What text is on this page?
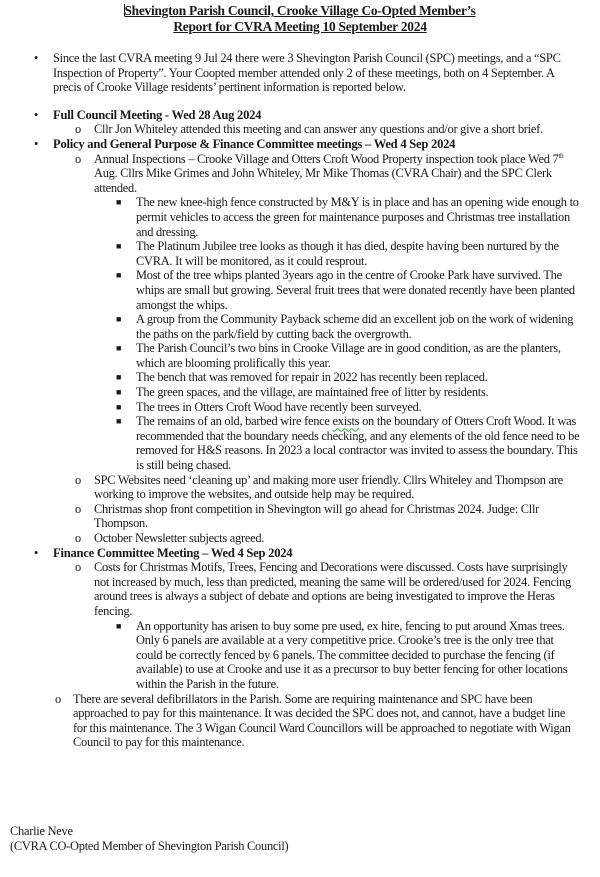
Shevington Parish Council, Crooke Village Co-Opted Member’s
Report for CVRA Meeting 10 September 2024
• Since the last CVRA meeting 9 Jul 24 there were 3 Shevington Parish Council (SPC) meetings, and a “SPC Inspection of Property”. Your Coopted member attended only 2 of these meetings, both on 4 September. A precis of Crooke Village residents’ pertinent information is reported below.
• Full Council Meeting - Wed 28 Aug 2024
o Cllr Jon Whiteley attended this meeting and can answer any questions and/or give a short brief.
• Policy and General Purpose & Finance Committee meetings – Wed 4 Sep 2024
o Annual Inspections – Crooke Village and Otters Croft Wood Property inspection took place Wed 7th Aug. Cllrs Mike Grimes and John Whiteley, Mr Mike Thomas (CVRA Chair) and the SPC Clerk attended.
■ The new knee-high fence constructed by M&Y is in place and has an opening wide enough to permit vehicles to access the green for maintenance purposes and Christmas tree installation and dressing.
■ The Platinum Jubilee tree looks as though it has died, despite having been nurtured by the CVRA. It will be monitored, as it could resprout.
■ Most of the tree whips planted 3years ago in the centre of Crooke Park have survived. The whips are small but growing. Several fruit trees that were donated recently have been planted amongst the whips.
■ A group from the Community Payback scheme did an excellent job on the work of widening the paths on the park/field by cutting back the overgrowth.
■ The Parish Council’s two bins in Crooke Village are in good condition, as are the planters, which are blooming prolifically this year.
■ The bench that was removed for repair in 2022 has recently been replaced.
■ The green spaces, and the village, are maintained free of litter by residents.
■ The trees in Otters Croft Wood have recently been surveyed.
■ The remains of an old, barbed wire fence exists on the boundary of Otters Croft Wood. It was recommended that the boundary needs checking, and any elements of the old fence need to be removed for H&S reasons. In 2023 a local contractor was invited to assess the boundary. This is still being chased.
o SPC Websites need ‘cleaning up’ and making more user friendly. Cllrs Whiteley and Thompson are working to improve the websites, and outside help may be required.
o Christmas shop front competition in Shevington will go ahead for Christmas 2024. Judge: Cllr Thompson.
o October Newsletter subjects agreed.
• Finance Committee Meeting – Wed 4 Sep 2024
o Costs for Christmas Motifs, Trees, Fencing and Decorations were discussed. Costs have surprisingly not increased by much, less than predicted, meaning the same will be ordered/used for 2024. Fencing around trees is always a subject of debate and options are being investigated to improve the Heras fencing.
■ An opportunity has arisen to buy some pre used, ex hire, fencing to put around Xmas trees. Only 6 panels are available at a very competitive price. Crooke’s tree is the only tree that could be correctly fenced by 6 panels. The committee decided to purchase the fencing (if available) to use at Crooke and use it as a precursor to buy better fencing for other locations within the Parish in the future.
o There are several defibrillators in the Parish. Some are requiring maintenance and SPC have been approached to pay for this maintenance. It was decided the SPC does not, and cannot, have a budget line for this maintenance. The 3 Wigan Council Ward Councillors will be approached to negotiate with Wigan Council to pay for this maintenance.
Charlie Neve
(CVRA CO-Opted Member of Shevington Parish Council)
